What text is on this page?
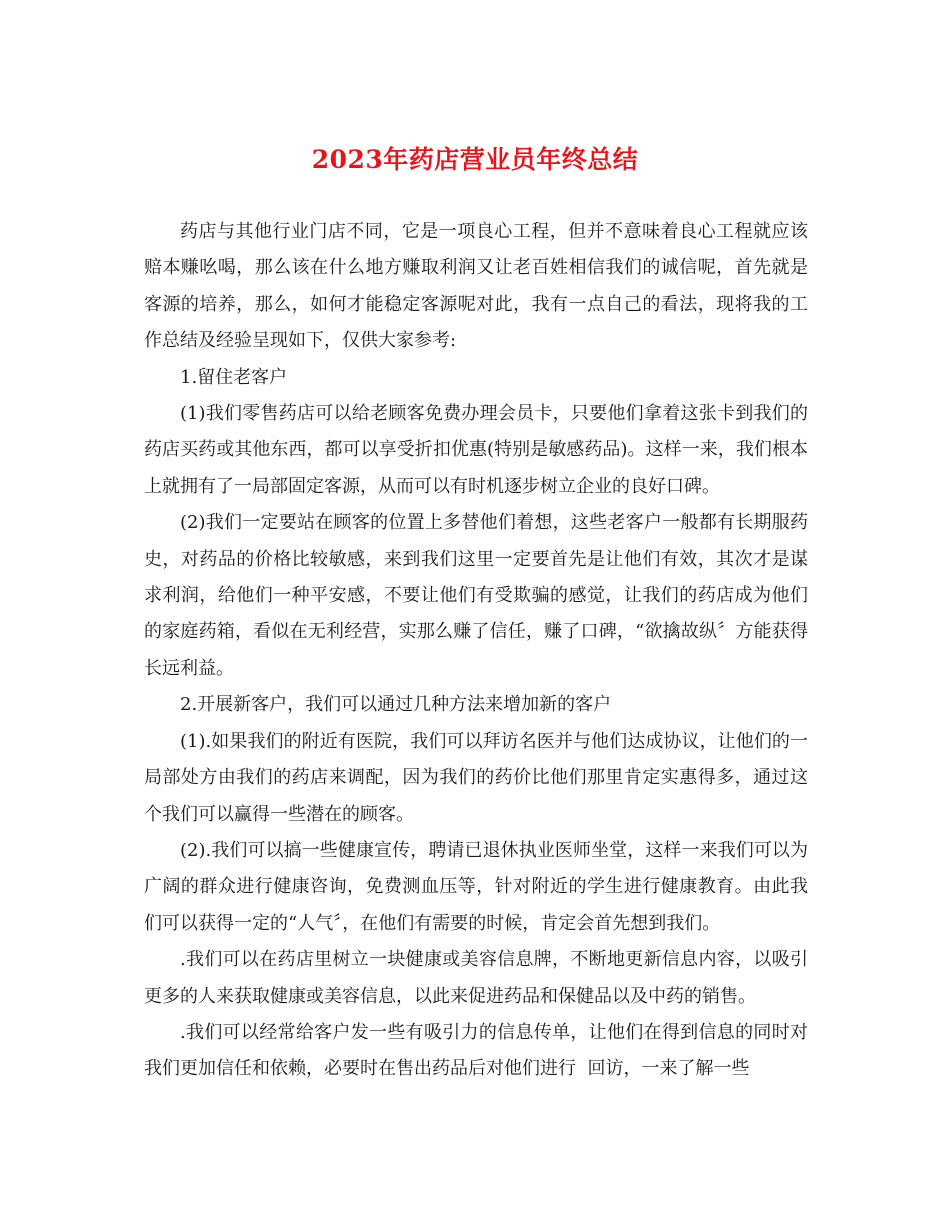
2023年药店营业员年终总结

药店与其他行业门店不同，它是一项良心工程，但并不意味着良心工程就应该赔本赚吆喝，那么该在什么地方赚取利润又让老百姓相信我们的诚信呢，首先就是客源的培养，那么，如何才能稳定客源呢对此，我有一点自己的看法，现将我的工作总结及经验呈现如下，仅供大家参考:

1.留住老客户

(1)我们零售药店可以给老顾客免费办理会员卡，只要他们拿着这张卡到我们的药店买药或其他东西，都可以享受折扣优惠(特别是敏感药品)。这样一来，我们根本上就拥有了一局部固定客源，从而可以有时机逐步树立企业的良好口碑。

(2)我们一定要站在顾客的位置上多替他们着想，这些老客户一般都有长期服药史，对药品的价格比较敏感，来到我们这里一定要首先是让他们有效，其次才是谋求利润，给他们一种平安感，不要让他们有受欺骗的感觉，让我们的药店成为他们的家庭药箱，看似在无利经营，实那么赚了信任，赚了口碑，“欲擒故纵〞方能获得长远利益。

2.开展新客户，我们可以通过几种方法来增加新的客户

(1).如果我们的附近有医院，我们可以拜访名医并与他们达成协议，让他们的一局部处方由我们的药店来调配，因为我们的药价比他们那里肯定实惠得多，通过这个我们可以赢得一些潜在的顾客。

(2).我们可以搞一些健康宣传，聘请已退休执业医师坐堂，这样一来我们可以为广阔的群众进行健康咨询，免费测血压等，针对附近的学生进行健康教育。由此我们可以获得一定的“人气〞，在他们有需要的时候，肯定会首先想到我们。

.我们可以在药店里树立一块健康或美容信息牌，不断地更新信息内容，以吸引更多的人来获取健康或美容信息，以此来促进药品和保健品以及中药的销售。

.我们可以经常给客户发一些有吸引力的信息传单，让他们在得到信息的同时对我们更加信任和依赖，必要时在售出药品后对他们进行  回访，一来了解一些
